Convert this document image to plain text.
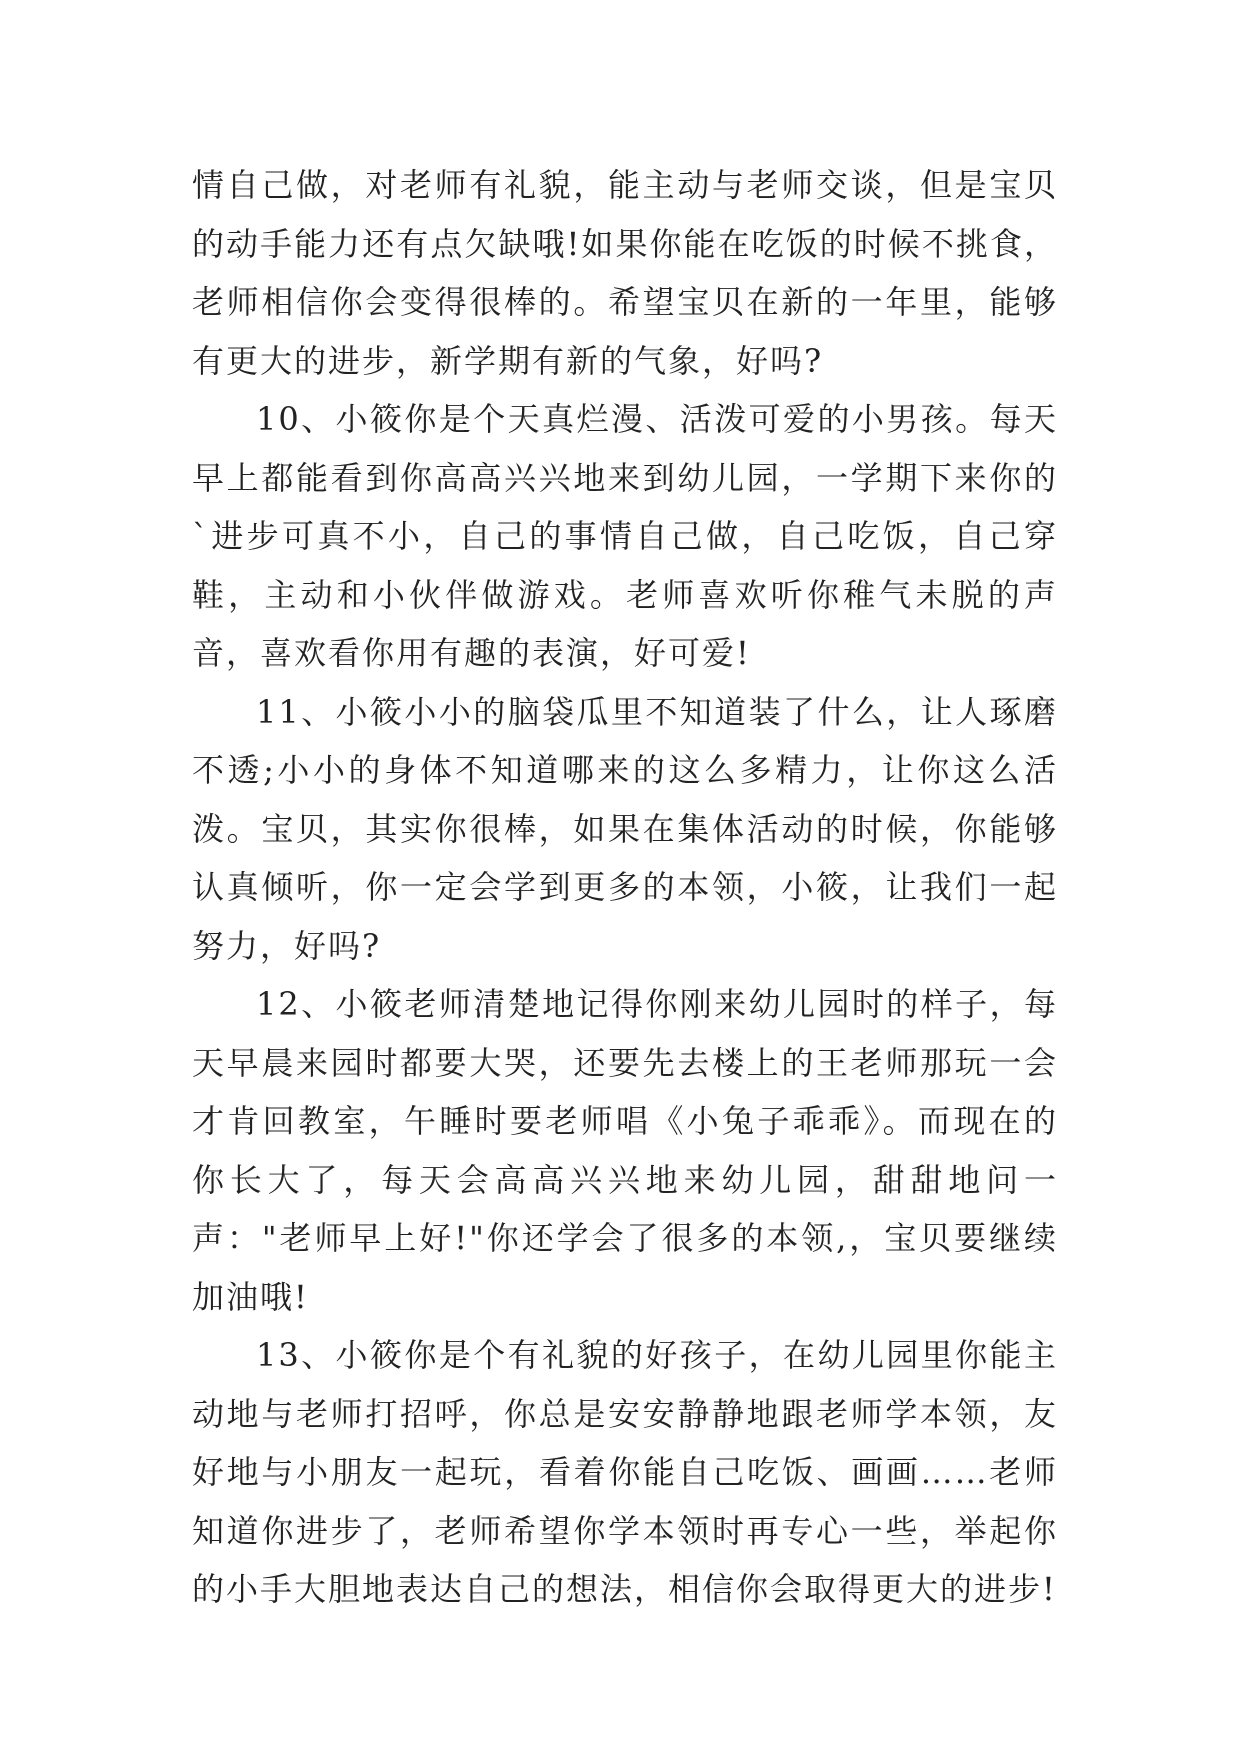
情自己做，对老师有礼貌，能主动与老师交谈，但是宝贝的动手能力还有点欠缺哦!如果你能在吃饭的时候不挑食，老师相信你会变得很棒的。希望宝贝在新的一年里，能够有更大的进步，新学期有新的气象，好吗?

10、小筱你是个天真烂漫、活泼可爱的小男孩。每天早上都能看到你高高兴兴地来到幼儿园，一学期下来你的`进步可真不小，自己的事情自己做，自己吃饭，自己穿鞋，主动和小伙伴做游戏。老师喜欢听你稚气未脱的声音，喜欢看你用有趣的表演，好可爱!

11、小筱小小的脑袋瓜里不知道装了什么，让人琢磨不透;小小的身体不知道哪来的这么多精力，让你这么活泼。宝贝，其实你很棒，如果在集体活动的时候，你能够认真倾听，你一定会学到更多的本领，小筱，让我们一起努力，好吗?

12、小筱老师清楚地记得你刚来幼儿园时的样子，每天早晨来园时都要大哭，还要先去楼上的王老师那玩一会才肯回教室，午睡时要老师唱《小兔子乖乖》。而现在的你长大了，每天会高高兴兴地来幼儿园，甜甜地问一声："老师早上好!"你还学会了很多的本领,，宝贝要继续加油哦!

13、小筱你是个有礼貌的好孩子，在幼儿园里你能主动地与老师打招呼，你总是安安静静地跟老师学本领，友好地与小朋友一起玩，看着你能自己吃饭、画画……老师知道你进步了，老师希望你学本领时再专心一些，举起你的小手大胆地表达自己的想法，相信你会取得更大的进步!
